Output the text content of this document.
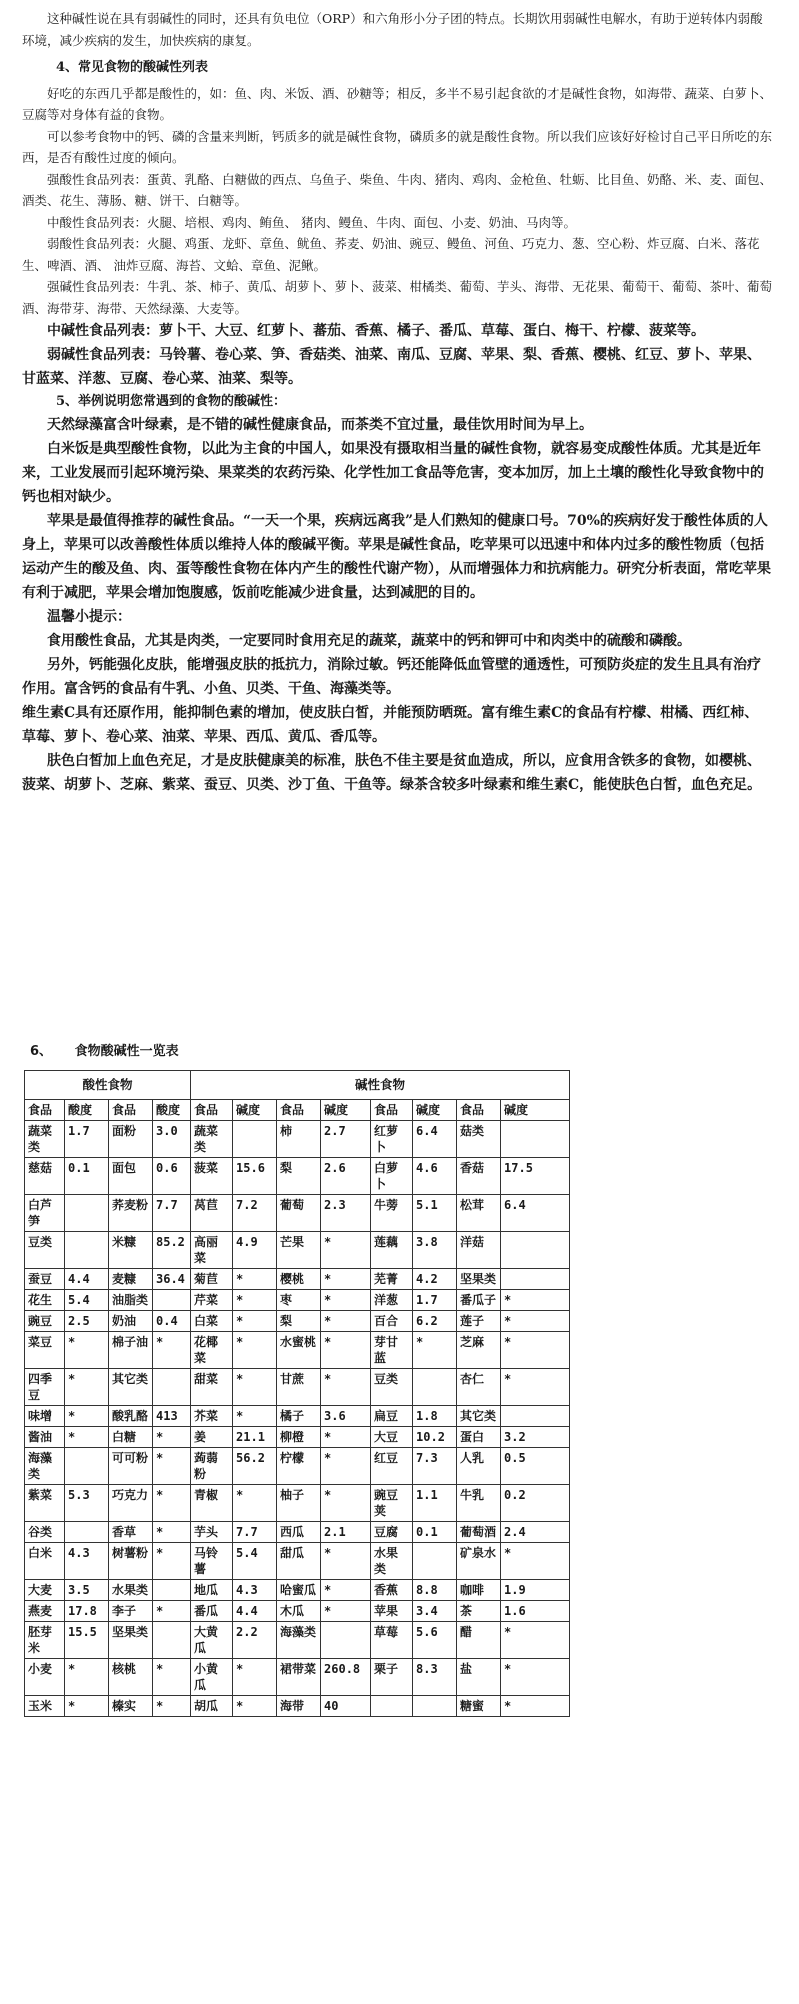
这种碱性说在具有弱碱性的同时，还具有负电位（ORP）和六角形小分子团的特点。长期饮用弱碱性电解水，有助于逆转体内弱酸环境，减少疾病的发生，加快疾病的康复。

4、常见食物的酸碱性列表

好吃的东西几乎都是酸性的，如：鱼、肉、米饭、酒、砂糖等；相反，多半不易引起食欲的才是碱性食物，如海带、蔬菜、白萝卜、豆腐等对身体有益的食物。

可以参考食物中的钙、磷的含量来判断，钙质多的就是碱性食物，磷质多的就是酸性食物。所以我们应该好好检讨自己平日所吃的东西，是否有酸性过度的倾向。

强酸性食品列表：蛋黄、乳酪、白糖做的西点、乌鱼子、柴鱼、牛肉、猪肉、鸡肉、金枪鱼、牡蛎、比目鱼、奶酪、米、麦、面包、酒类、花生、薄肠、糖、饼干、白糖等。

中酸性食品列表：火腿、培根、鸡肉、鲔鱼、 猪肉、鳗鱼、牛肉、面包、小麦、奶油、马肉等。

弱酸性食品列表：火腿、鸡蛋、龙虾、章鱼、鱿鱼、荞麦、奶油、豌豆、鳗鱼、河鱼、巧克力、葱、空心粉、炸豆腐、白米、落花生、啤酒、酒、 油炸豆腐、海苔、文蛤、章鱼、泥鳅。

强碱性食品列表：牛乳、茶、柿子、黄瓜、胡萝卜、萝卜、菠菜、柑橘类、葡萄、芋头、海带、无花果、葡萄干、葡萄、茶叶、葡萄酒、海带芽、海带、天然绿藻、大麦等。

中碱性食品列表：萝卜干、大豆、红萝卜、蕃茄、香蕉、橘子、番瓜、草莓、蛋白、梅干、柠檬、菠菜等。

弱碱性食品列表：马铃薯、卷心菜、笋、香菇类、油菜、南瓜、豆腐、苹果、梨、香蕉、樱桃、红豆、萝卜、苹果、甘蓝菜、洋葱、豆腐、卷心菜、油菜、梨等。

5、举例说明您常遇到的食物的酸碱性：

天然绿藻富含叶绿素，是不错的碱性健康食品，而茶类不宜过量，最佳饮用时间为早上。

白米饭是典型酸性食物，以此为主食的中国人，如果没有摄取相当量的碱性食物，就容易变成酸性体质。尤其是近年来，工业发展而引起环境污染、果菜类的农药污染、化学性加工食品等危害，变本加厉，加上土壤的酸性化导致食物中的钙也相对缺少。

苹果是最值得推荐的碱性食品。“一天一个果，疾病远离我”是人们熟知的健康口号。70%的疾病好发于酸性体质的人身上，苹果可以改善酸性体质以维持人体的酸碱平衡。苹果是碱性食品，吃苹果可以迅速中和体内过多的酸性物质（包括运动产生的酸及鱼、肉、蛋等酸性食物在体内产生的酸性代谢产物），从而增强体力和抗病能力。研究分析表面，常吃苹果有利于减肥，苹果会增加饱腹感，饭前吃能减少进食量，达到减肥的目的。

温馨小提示：

食用酸性食品，尤其是肉类，一定要同时食用充足的蔬菜，蔬菜中的钙和钾可中和肉类中的硫酸和磷酸。

另外，钙能强化皮肤，能增强皮肤的抵抗力，消除过敏。钙还能降低血管壁的通透性，可预防炎症的发生且具有治疗作用。富含钙的食品有牛乳、小鱼、贝类、干鱼、海藻类等。

维生素C具有还原作用，能抑制色素的增加，使皮肤白皙，并能预防晒斑。富有维生素C的食品有柠檬、柑橘、西红柿、草莓、萝卜、卷心菜、油菜、苹果、西瓜、黄瓜、香瓜等。

肤色白皙加上血色充足，才是皮肤健康美的标准，肤色不佳主要是贫血造成，所以，应食用含铁多的食物，如樱桃、菠菜、胡萝卜、芝麻、紫菜、蚕豆、贝类、沙丁鱼、干鱼等。绿茶含较多叶绿素和维生素C，能使肤色白皙，血色充足。

6、     食物酸碱性一览表
酸性食物				碱性食物							
食品	酸度	食品	酸度	食品	碱度	食品	碱度	食品	碱度	食品	碱度
蔬菜类	1.7	面粉	3.0	蔬菜类		柿	2.7	红萝卜	6.4	菇类	
慈菇	0.1	面包	0.6	菠菜	15.6	梨	2.6	白萝卜	4.6	香菇	17.5
白芦笋		荞麦粉	7.7	莴苣	7.2	葡萄	2.3	牛蒡	5.1	松茸	6.4
豆类		米糠	85.2	高丽菜	4.9	芒果	*	莲藕	3.8	洋菇	
蚕豆	4.4	麦糠	36.4	菊苣	*	樱桃	*	芜菁	4.2	坚果类	
花生	5.4	油脂类		芹菜	*	枣	*	洋葱	1.7	番瓜子	*
豌豆	2.5	奶油	0.4	白菜	*	梨	*	百合	6.2	莲子	*
菜豆	*	棉子油	*	花椰菜	*	水蜜桃	*	芽甘蓝	*	芝麻	*
四季豆	*	其它类		甜菜	*	甘蔗	*	豆类		杏仁	*
味增	*	酸乳酪	413	芥菜	*	橘子	3.6	扁豆	1.8	其它类	
酱油	*	白糖	*	姜	21.1	柳橙	*	大豆	10.2	蛋白	3.2
海藻类		可可粉	*	蒟蒻粉	56.2	柠檬	*	红豆	7.3	人乳	0.5
紫菜	5.3	巧克力	*	青椒	*	柚子	*	豌豆荚	1.1	牛乳	0.2
谷类		香草	*	芋头	7.7	西瓜	2.1	豆腐	0.1	葡萄酒	2.4
白米	4.3	树薯粉	*	马铃薯	5.4	甜瓜	*	水果类		矿泉水	*
大麦	3.5	水果类		地瓜	4.3	哈蜜瓜	*	香蕉	8.8	咖啡	1.9
燕麦	17.8	李子	*	番瓜	4.4	木瓜	*	苹果	3.4	茶	1.6
胚芽米	15.5	坚果类		大黄瓜	2.2	海藻类		草莓	5.6	醋	*
小麦	*	核桃	*	小黄瓜	*	裙带菜	260.8	栗子	8.3	盐	*
玉米	*	榛实	*	胡瓜	*	海带	40			糖蜜	*
